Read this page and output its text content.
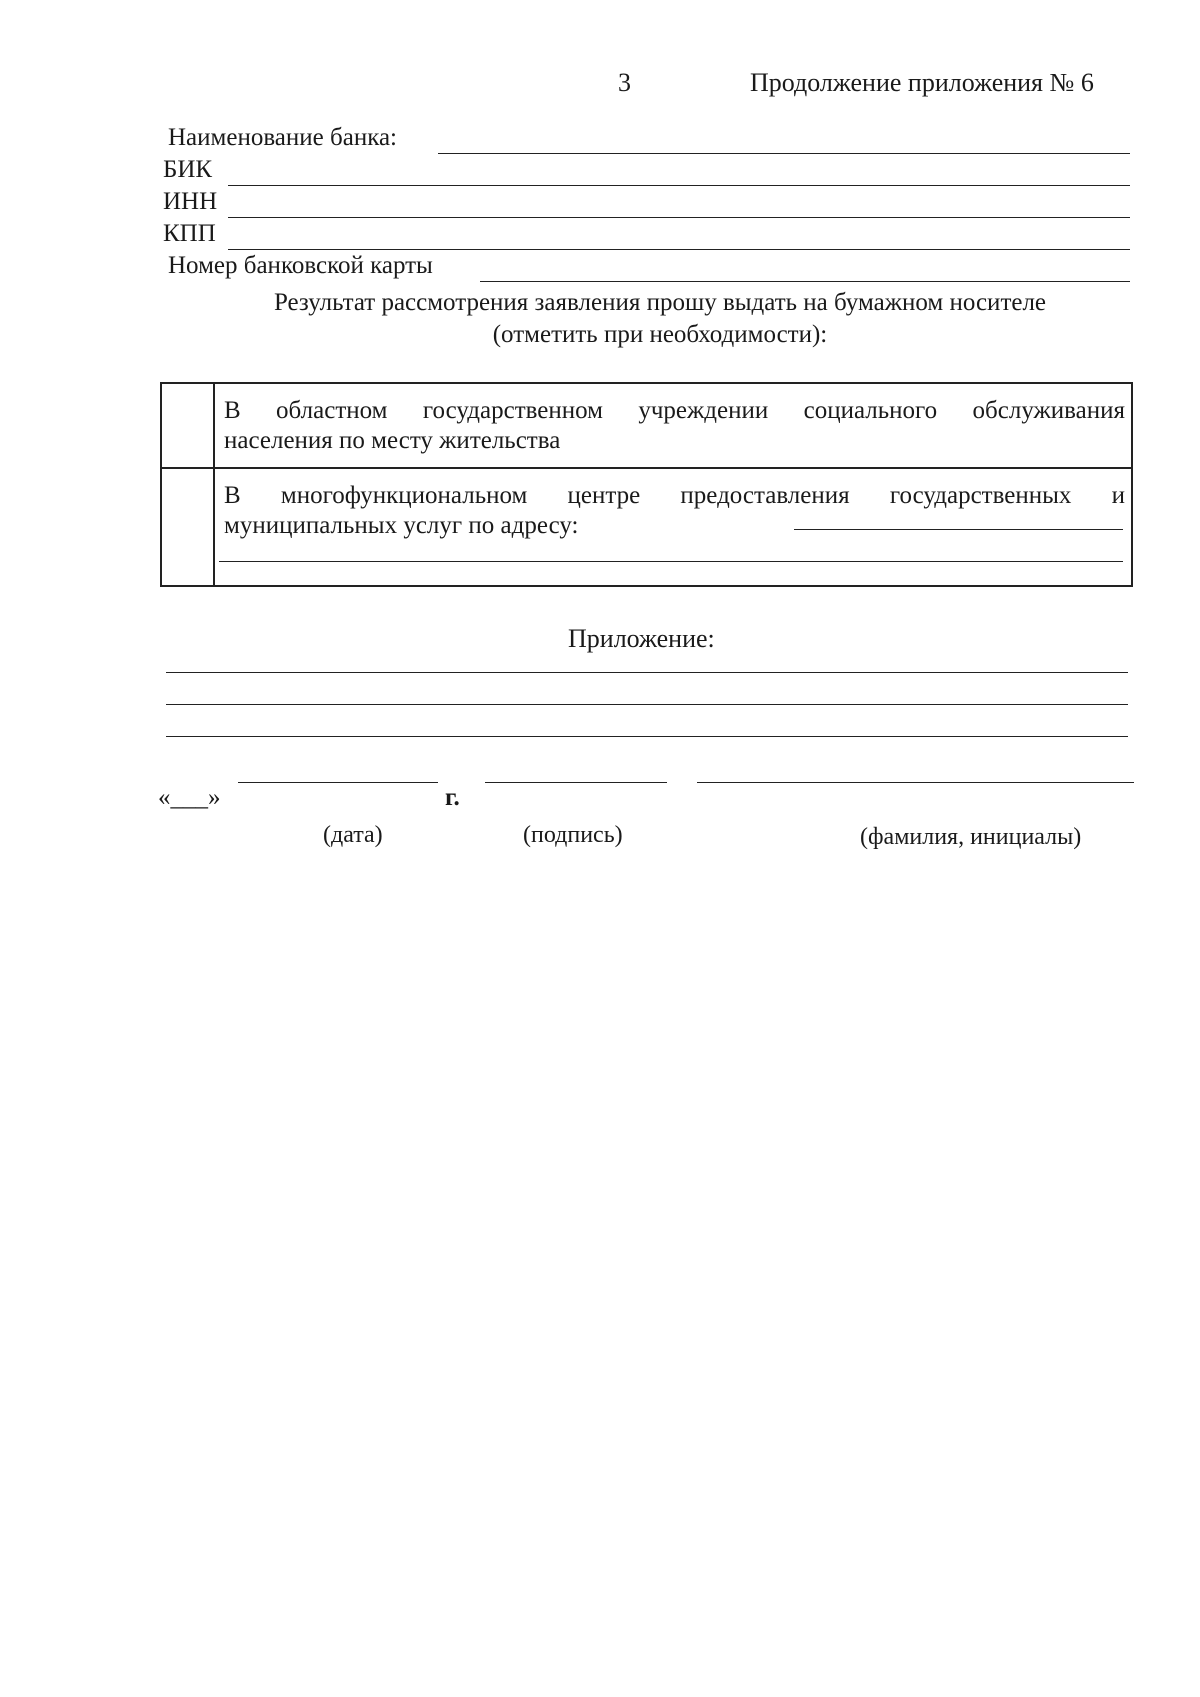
3	Продолжение приложения № 6
Наименование банка:
БИК
ИНН
КПП
Номер банковской карты
Результат рассмотрения заявления прошу выдать на бумажном носителе
(отметить при необходимости):
В областном государственном учреждении социального обслуживания
населения по месту жительства
В многофункциональном центре предоставления государственных и
муниципальных услуг по адресу:
Приложение:
«___»	г.
(дата)	(подпись)	(фамилия, инициалы)
